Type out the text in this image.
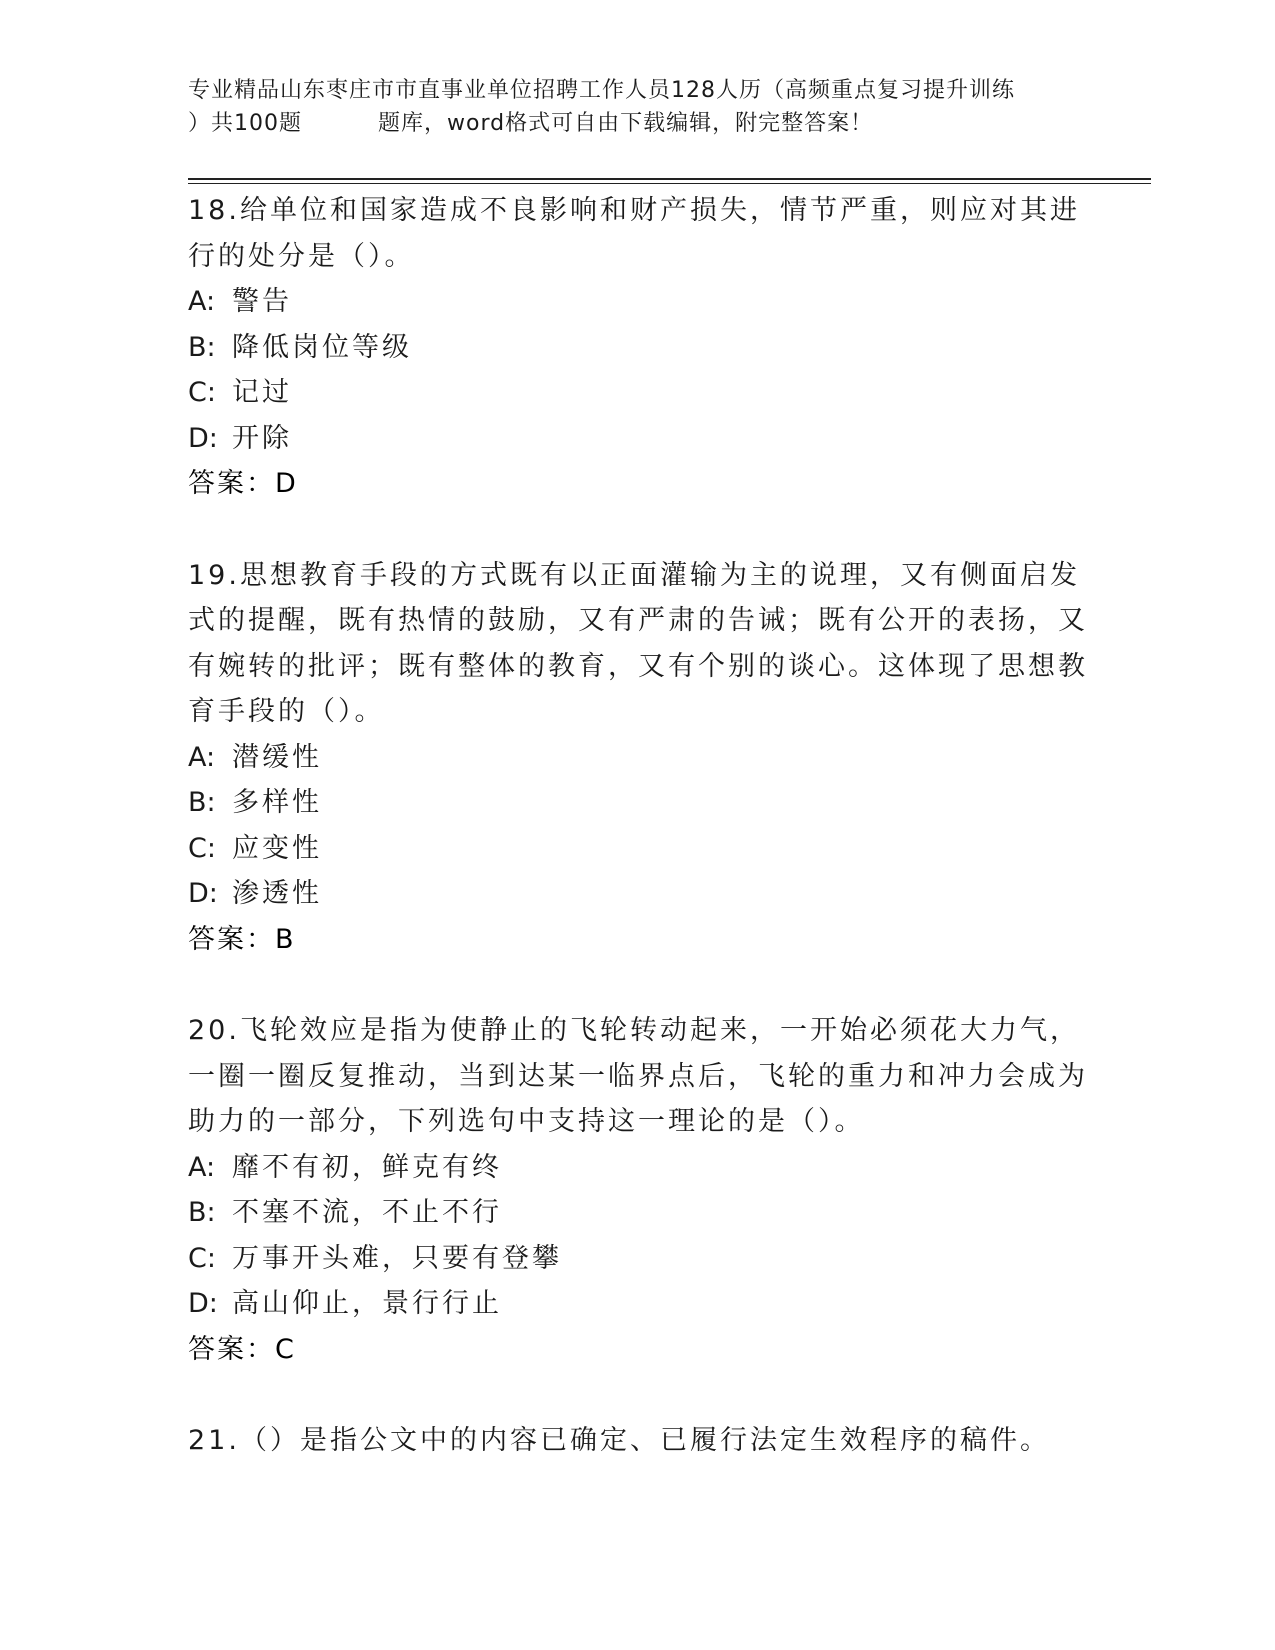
专业精品山东枣庄市市直事业单位招聘工作人员128人历（高频重点复习提升训练
）共100题	题库，word格式可自由下载编辑，附完整答案！

18.给单位和国家造成不良影响和财产损失，情节严重，则应对其进行的处分是（）。

A: 警告
B: 降低岗位等级
C: 记过
D: 开除
答案：D

19.思想教育手段的方式既有以正面灌输为主的说理，又有侧面启发式的提醒，既有热情的鼓励，又有严肃的告诫；既有公开的表扬，又有婉转的批评；既有整体的教育，又有个别的谈心。这体现了思想教育手段的（）。

A: 潜缓性
B: 多样性
C: 应变性
D: 渗透性
答案：B

20.飞轮效应是指为使静止的飞轮转动起来，一开始必须花大力气，一圈一圈反复推动，当到达某一临界点后，飞轮的重力和冲力会成为助力的一部分，下列选句中支持这一理论的是（）。

A: 靡不有初，鲜克有终
B: 不塞不流，不止不行
C: 万事开头难，只要有登攀
D: 高山仰止，景行行止
答案：C

21.（）是指公文中的内容已确定、已履行法定生效程序的稿件。
